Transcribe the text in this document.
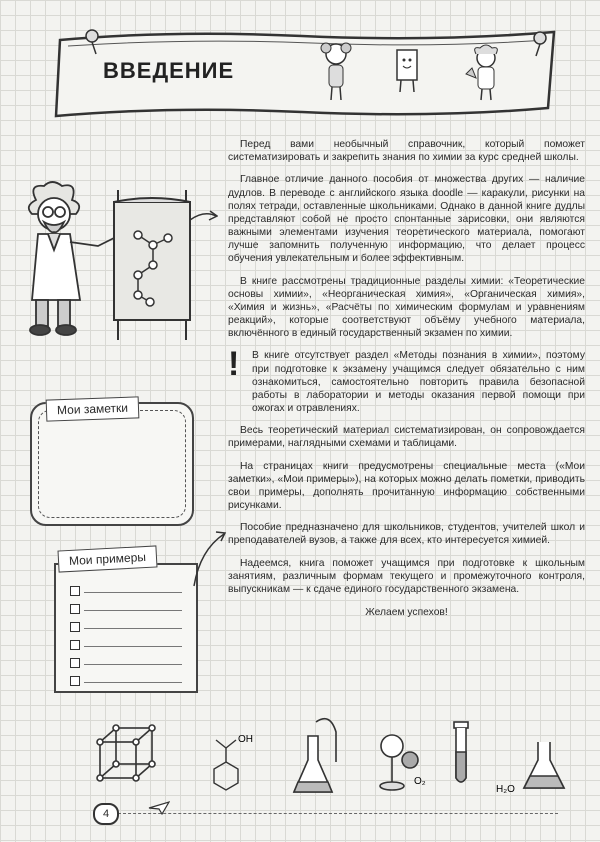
ВВЕДЕНИЕ

Перед вами необычный справочник, который поможет систематизировать и закрепить знания по химии за курс средней школы.

Главное отличие данного пособия от множества других — наличие дудлов. В переводе с английского языка doodle — каракули, рисунки на полях тетради, оставленные школьниками. Однако в данной книге дудлы представляют собой не просто спонтанные зарисовки, они являются важными элементами изучения теоретического материала, помогают лучше запомнить полученную информацию, что делает процесс обучения увлекательным и более эффективным.

В книге рассмотрены традиционные разделы химии: «Теоретические основы химии», «Неорганическая химия», «Органическая химия», «Химия и жизнь», «Расчёты по химическим формулам и уравнениям реакций», которые соответствуют объёму учебного материала, включённого в единый государственный экзамен по химии.

!	В книге отсутствует раздел «Методы познания в химии», поэтому при подготовке к экзамену учащимся следует обязательно с ним ознакомиться, самостоятельно повторить правила безопасной работы в лаборатории и методы оказания первой помощи при ожогах и отравлениях.

Весь теоретический материал систематизирован, он сопровождается примерами, наглядными схемами и таблицами.

На страницах книги предусмотрены специальные места («Мои заметки», «Мои примеры»), на которых можно делать пометки, приводить свои примеры, дополнять прочитанную информацию собственными рисунками.

Пособие предназначено для школьников, студентов, учителей школ и преподавателей вузов, а также для всех, кто интересуется химией.

Надеемся, книга поможет учащимся при подготовке к школьным занятиям, различным формам текущего и промежуточного контроля, выпускникам — к сдаче единого государственного экзамена.

Желаем успехов!

Мои заметки
Мои примеры
OH
O₂
H₂O
4
